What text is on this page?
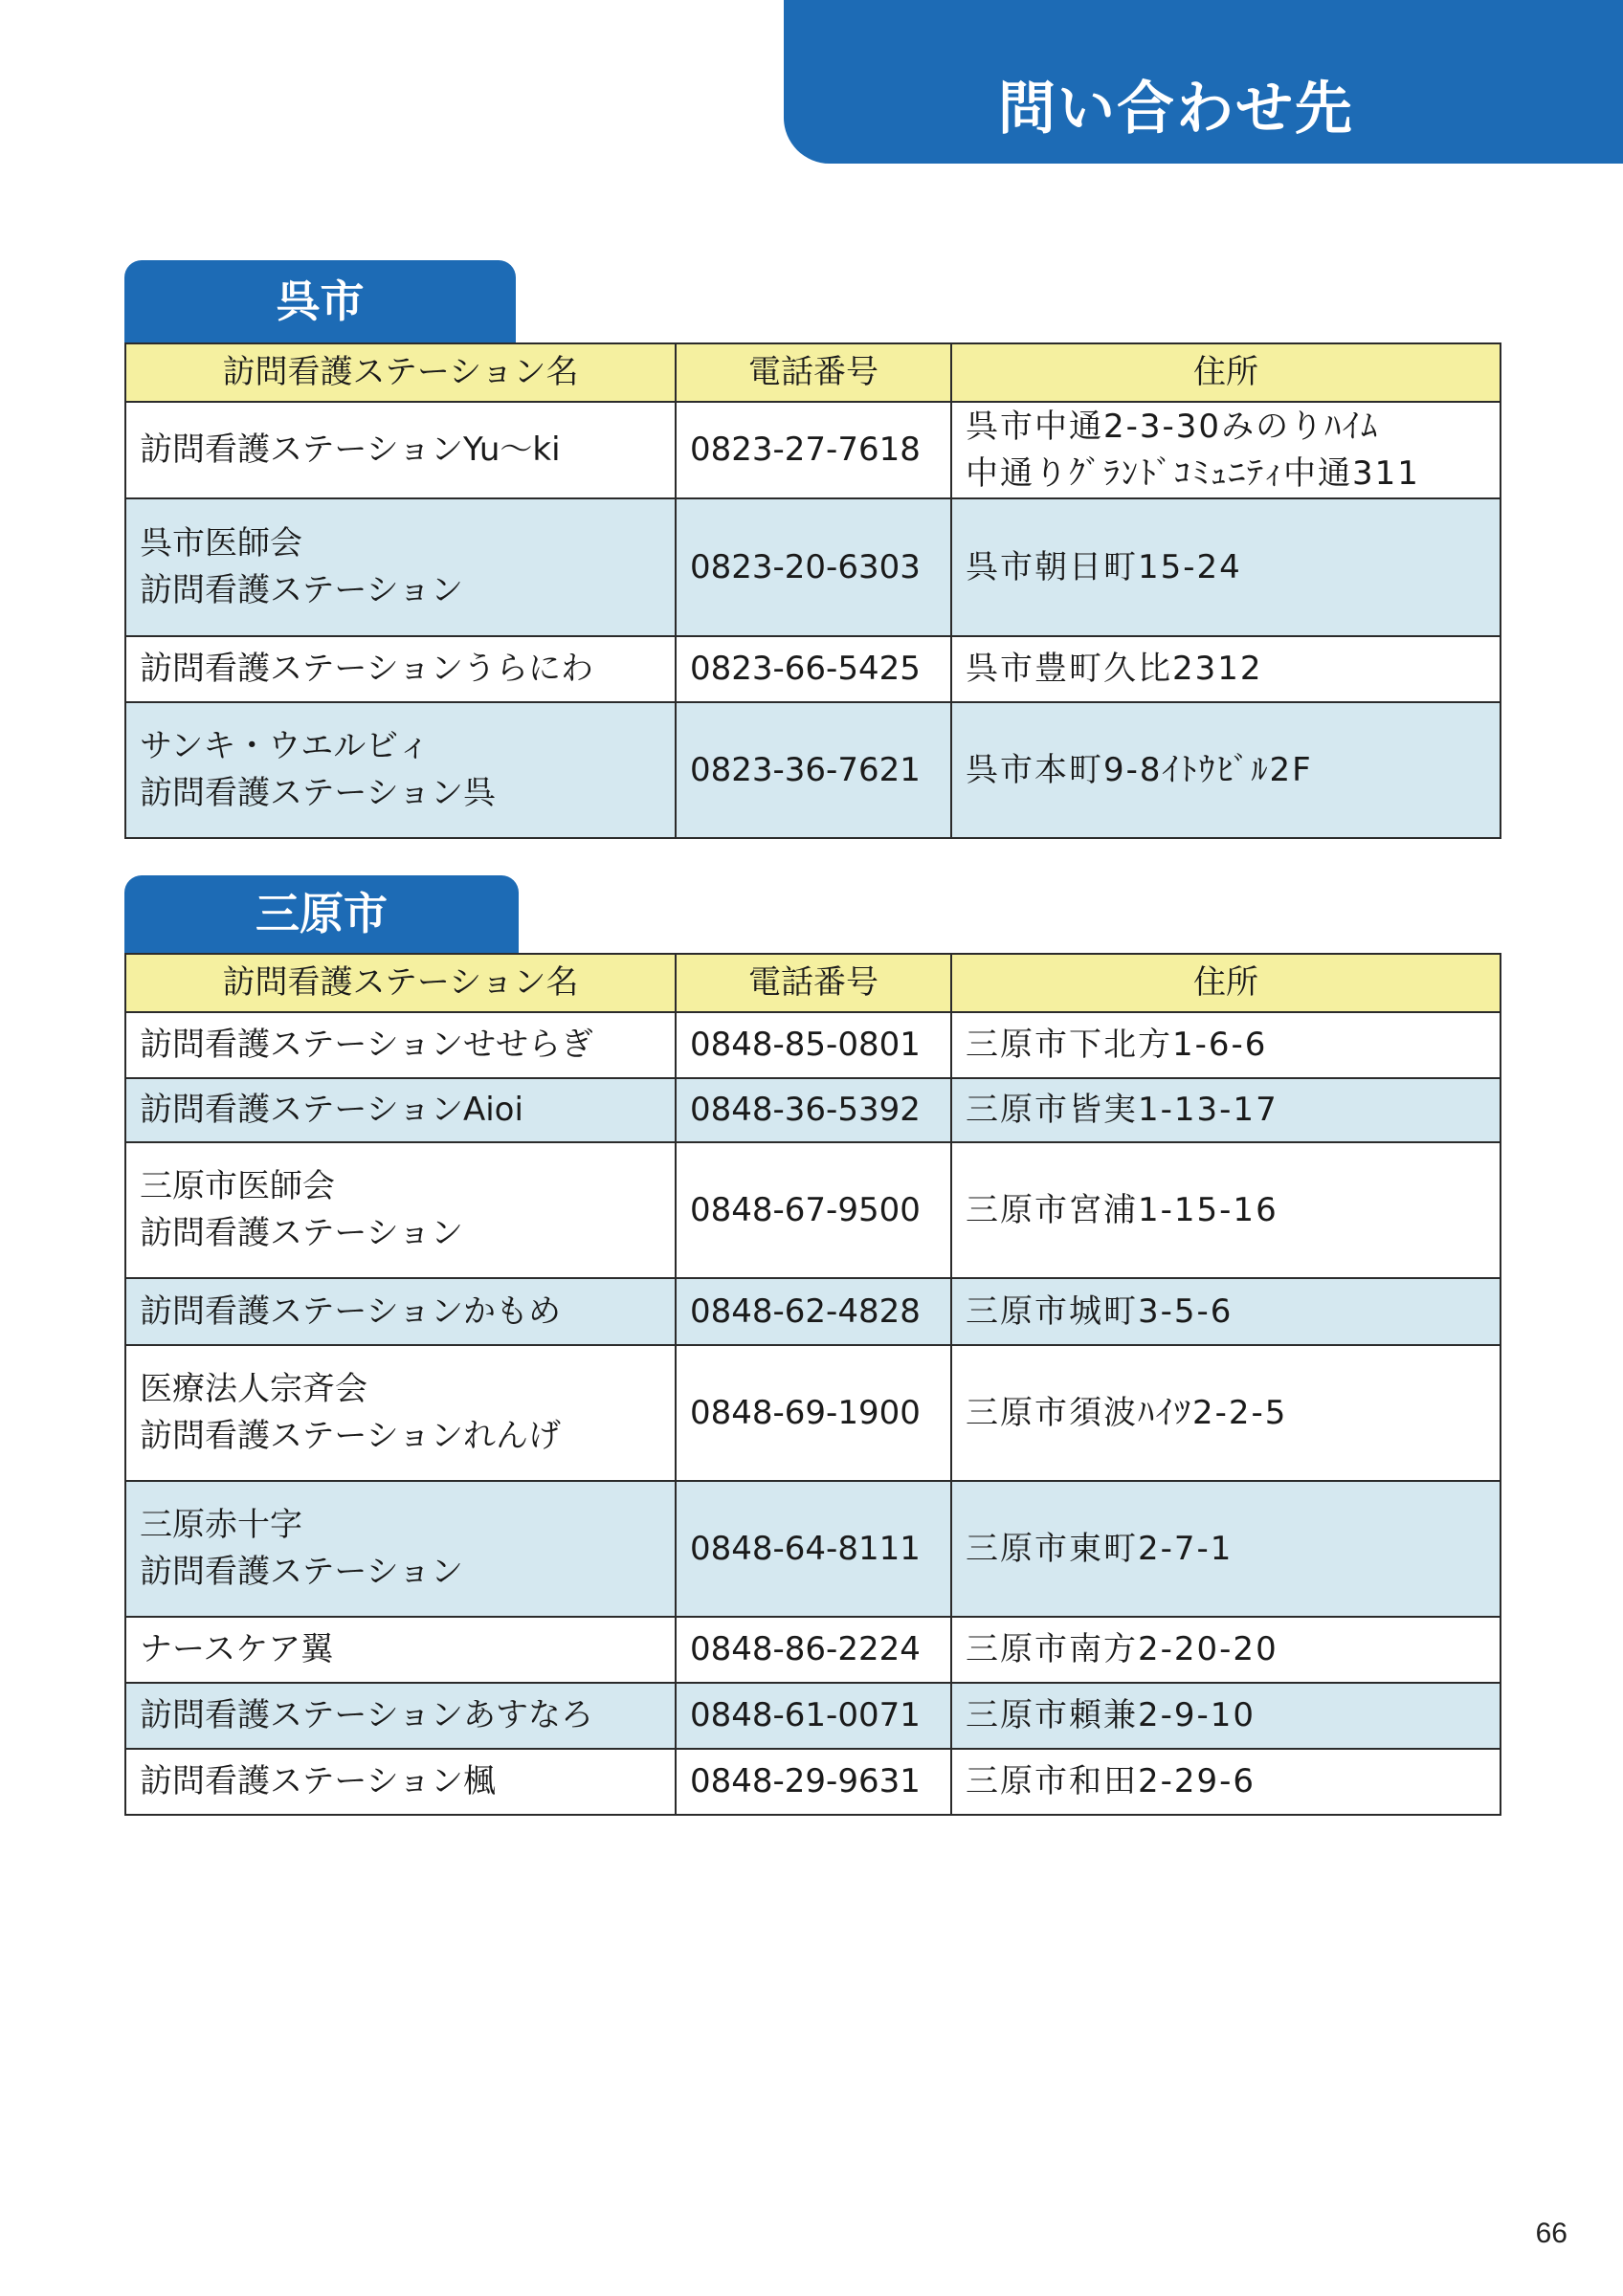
問い合わせ先
呉市
訪問看護ステーション名	電話番号	住所
訪問看護ステーションYu〜ki	0823-27-7618	呉市中通2-3-30みのりﾊｲﾑ
中通りｸﾞﾗﾝﾄﾞｺﾐｭﾆﾃｨ中通311
呉市医師会
訪問看護ステーション	0823-20-6303	呉市朝日町15-24
訪問看護ステーションうらにわ	0823-66-5425	呉市豊町久比2312
サンキ・ウエルビィ
訪問看護ステーション呉	0823-36-7621	呉市本町9-8ｲﾄｳﾋﾞﾙ2F
三原市
訪問看護ステーション名	電話番号	住所
訪問看護ステーションせせらぎ	0848-85-0801	三原市下北方1-6-6
訪問看護ステーションAioi	0848-36-5392	三原市皆実1-13-17
三原市医師会
訪問看護ステーション	0848-67-9500	三原市宮浦1-15-16
訪問看護ステーションかもめ	0848-62-4828	三原市城町3-5-6
医療法人宗斉会
訪問看護ステーションれんげ	0848-69-1900	三原市須波ﾊｲﾂ2-2-5
三原赤十字
訪問看護ステーション	0848-64-8111	三原市東町2-7-1
ナースケア翼	0848-86-2224	三原市南方2-20-20
訪問看護ステーションあすなろ	0848-61-0071	三原市頼兼2-9-10
訪問看護ステーション楓	0848-29-9631	三原市和田2-29-6
66
